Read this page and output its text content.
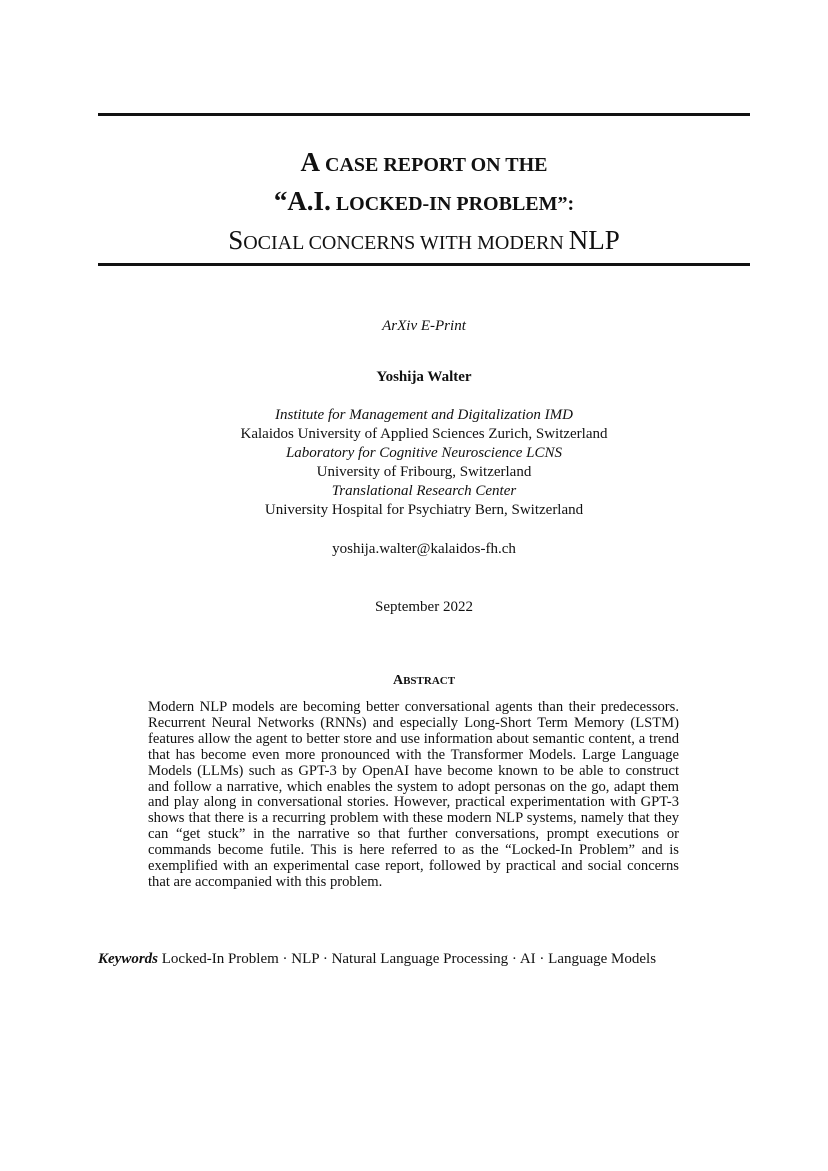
A CASE REPORT ON THE
“A.I. LOCKED-IN PROBLEM”:
SOCIAL CONCERNS WITH MODERN NLP
ArXiv E-Print
Yoshija Walter
Institute for Management and Digitalization IMD
Kalaidos University of Applied Sciences Zurich, Switzerland
Laboratory for Cognitive Neuroscience LCNS
University of Fribourg, Switzerland
Translational Research Center
University Hospital for Psychiatry Bern, Switzerland
yoshija.walter@kalaidos-fh.ch
September 2022
ABSTRACT
Modern NLP models are becoming better conversational agents than their predecessors. Recurrent Neural Networks (RNNs) and especially Long-Short Term Memory (LSTM) features allow the agent to better store and use information about semantic content, a trend that has become even more pronounced with the Transformer Models. Large Language Models (LLMs) such as GPT-3 by OpenAI have become known to be able to construct and follow a narrative, which enables the system to adopt personas on the go, adapt them and play along in conversational stories. However, practical experimentation with GPT-3 shows that there is a recurring problem with these modern NLP systems, namely that they can “get stuck” in the narrative so that further conversations, prompt executions or commands become futile. This is here referred to as the “Locked-In Problem” and is exemplified with an experimental case report, followed by practical and social concerns that are accompanied with this problem.
Keywords Locked-In Problem · NLP · Natural Language Processing · AI · Language Models
